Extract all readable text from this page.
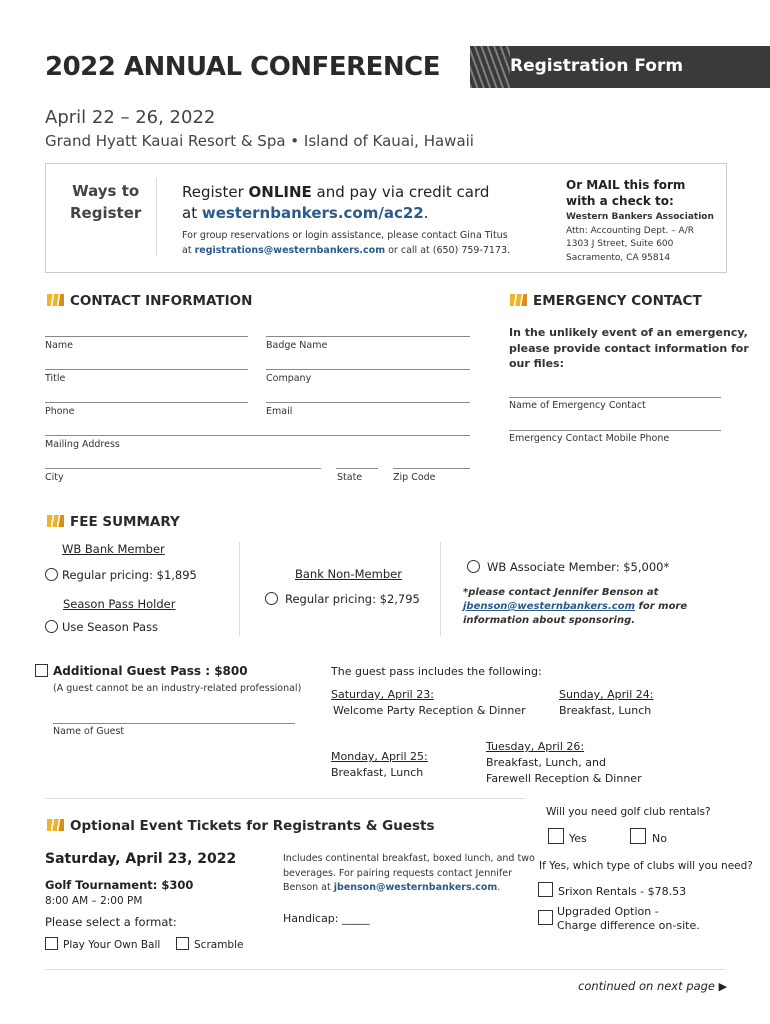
2022 ANNUAL CONFERENCE	Registration Form
April 22 – 26, 2022
Grand Hyatt Kauai Resort & Spa • Island of Kauai, Hawaii
Ways to
Register
Register ONLINE and pay via credit card
at westernbankers.com/ac22.
For group reservations or login assistance, please contact Gina Titus
at registrations@westernbankers.com or call at (650) 759-7173.
Or MAIL this form
with a check to:
Western Bankers Association
Attn: Accounting Dept. – A/R
1303 J Street, Suite 600
Sacramento, CA 95814
CONTACT INFORMATION
Name	Badge Name
Title	Company
Phone	Email
Mailing Address
City	State	Zip Code
EMERGENCY CONTACT
In the unlikely event of an emergency,
please provide contact information for
our files:
Name of Emergency Contact
Emergency Contact Mobile Phone
FEE SUMMARY
WB Bank Member
Regular pricing: $1,895
Season Pass Holder
Use Season Pass
Bank Non-Member
Regular pricing: $2,795
WB Associate Member: $5,000*
*please contact Jennifer Benson at
jbenson@westernbankers.com for more
information about sponsoring.
Additional Guest Pass : $800
(A guest cannot be an industry-related professional)
Name of Guest
The guest pass includes the following:
Saturday, April 23:
Welcome Party Reception & Dinner
Sunday, April 24:
Breakfast, Lunch
Monday, April 25:
Breakfast, Lunch
Tuesday, April 26:
Breakfast, Lunch, and
Farewell Reception & Dinner
Optional Event Tickets for Registrants & Guests
Saturday, April 23, 2022
Golf Tournament: $300
8:00 AM – 2:00 PM
Please select a format:
Play Your Own Ball	Scramble
Includes continental breakfast, boxed lunch, and two
beverages. For pairing requests contact Jennifer
Benson at jbenson@westernbankers.com.
Handicap: _____
Will you need golf club rentals?
Yes	No
If Yes, which type of clubs will you need?
Srixon Rentals - $78.53
Upgraded Option -
Charge difference on-site.
continued on next page ▶
